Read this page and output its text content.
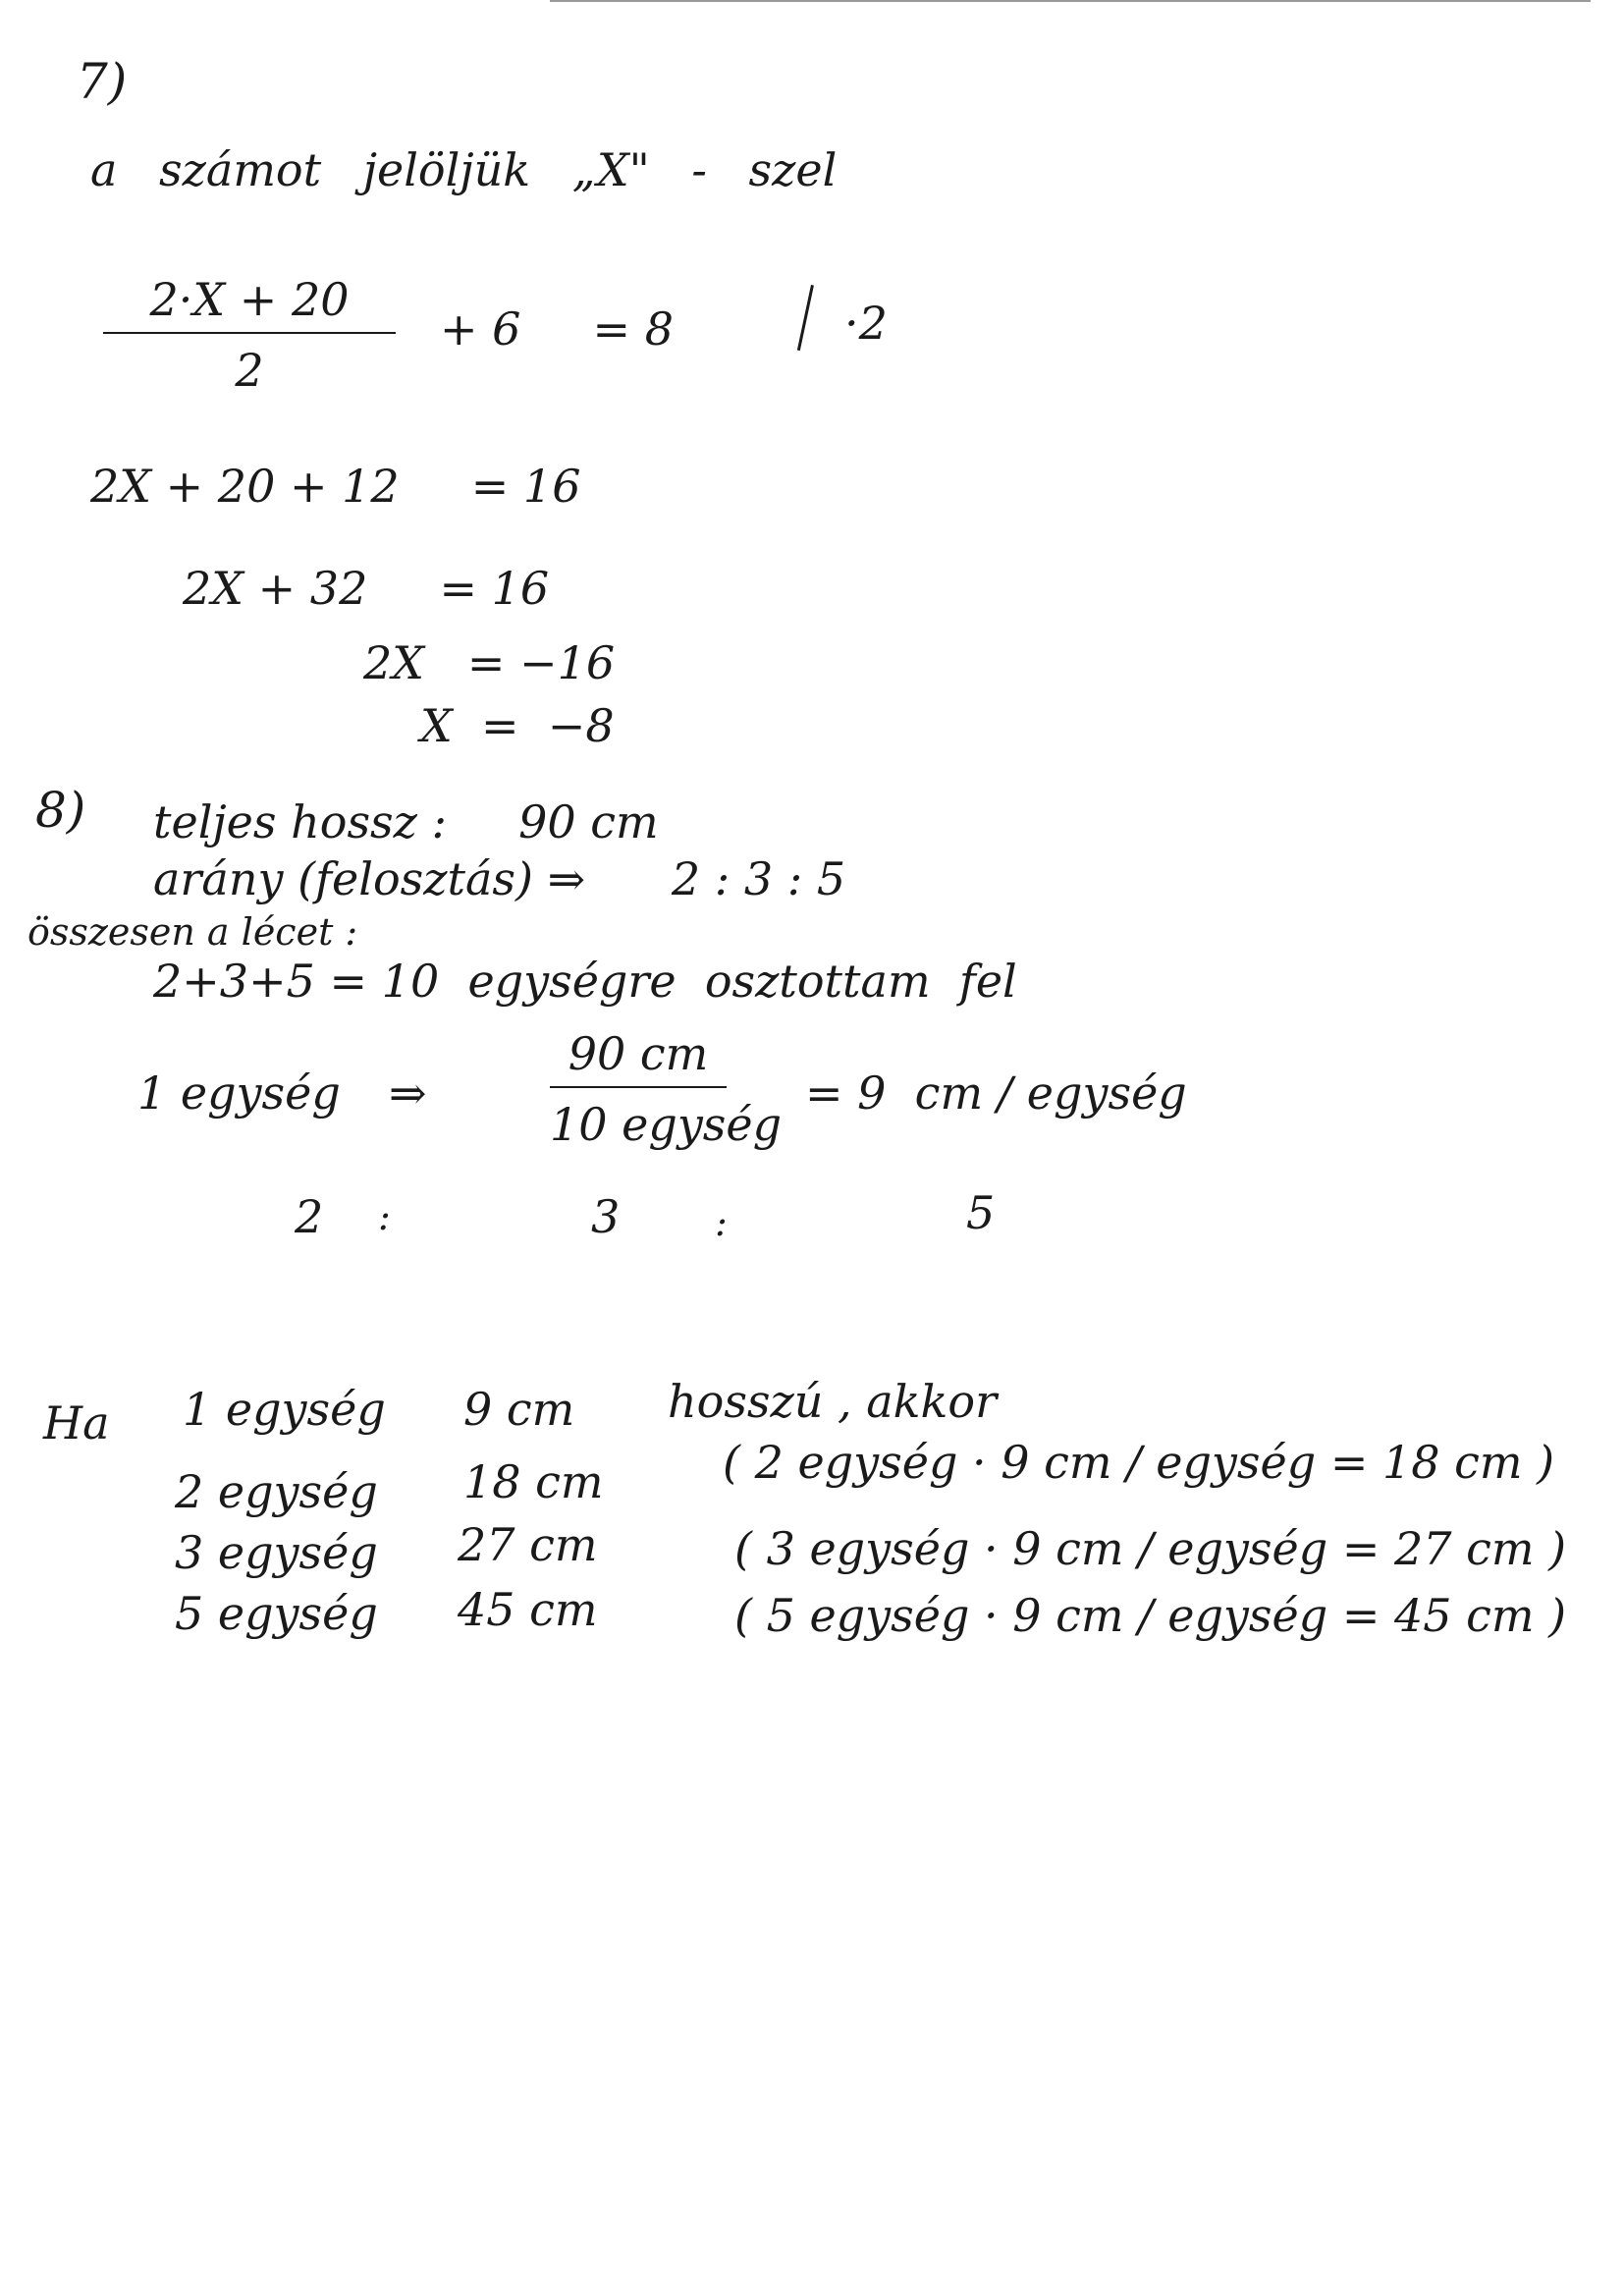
7)
a számot jelöljük „X" - szel
2·X + 20
2
+ 6     = 8	·2
2X + 20 + 12     = 16
2X + 32     = 16
2X   = −16
X  =  −8
8) teljes hossz :     90 cm
arány (felosztás) ⇒      2 : 3 : 5
összesen a lécet :
2+3+5 = 10  egységre  osztottam  fel
1 egység ⇒
90 cm
10 egység
= 9  cm / egység
2 :	3	:	5
Ha 1 egység 9 cm hosszú , akkor
2 egység 18 cm	( 2 egység · 9 cm / egység = 18 cm )
3 egység 27 cm	( 3 egység · 9 cm / egység = 27 cm )
5 egység 45 cm	( 5 egység · 9 cm / egység = 45 cm )
